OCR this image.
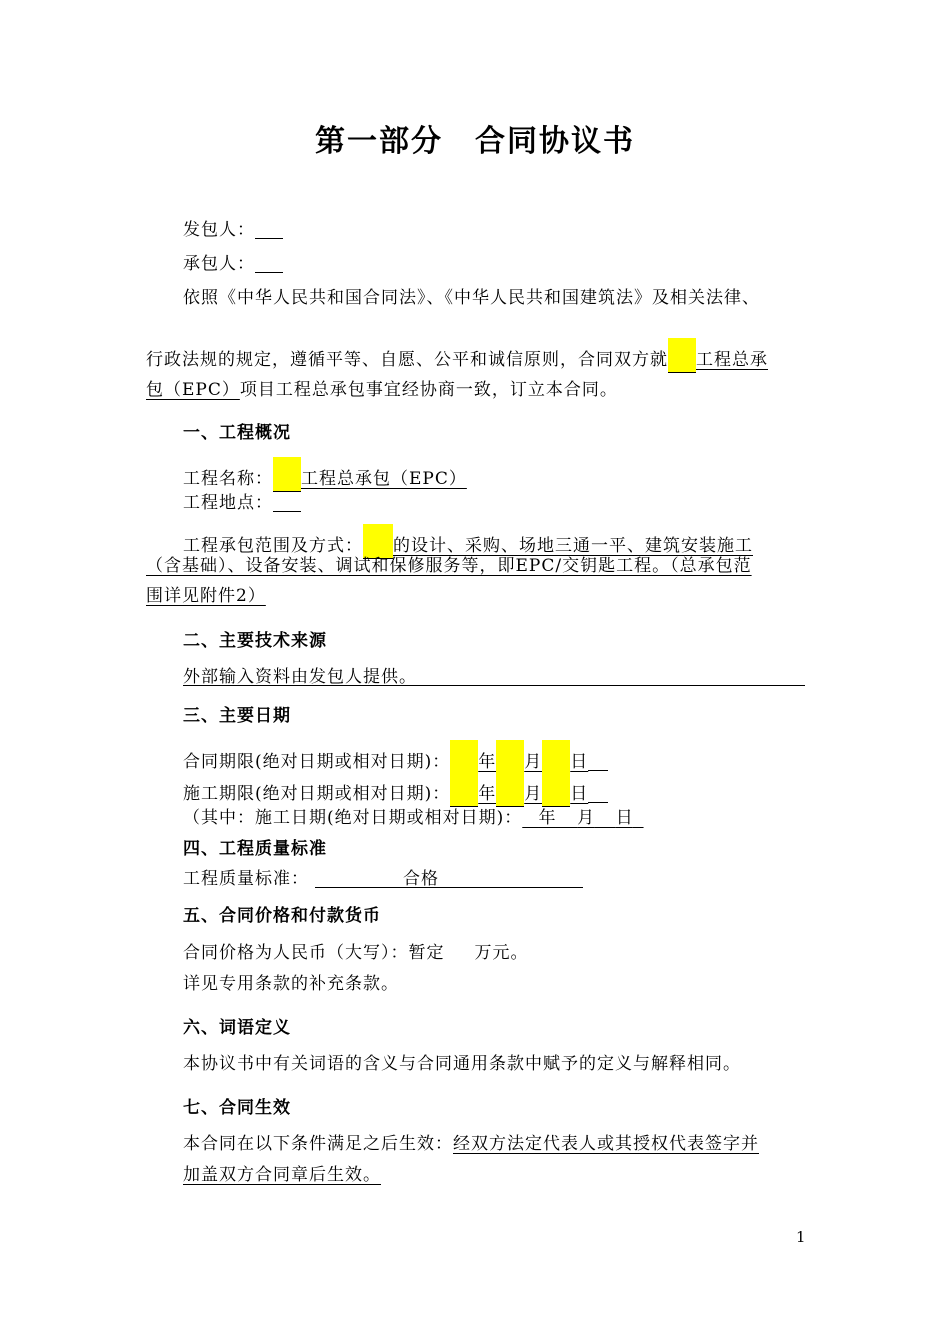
第一部分　合同协议书
发包人：
承包人：
依照《中华人民共和国合同法》、《中华人民共和国建筑法》及相关法律、
行政法规的规定，遵循平等、自愿、公平和诚信原则，合同双方就 工程总承
包（EPC）项目工程总承包事宜经协商一致，订立本合同。
一、工程概况
工程名称： 工程总承包（EPC）
工程地点：
工程承包范围及方式： 的设计、采购、场地三通一平、建筑安装施工
（含基础）、设备安装、调试和保修服务等，即EPC/交钥匙工程。（总承包范
围详见附件2）
二、主要技术来源
外部输入资料由发包人提供。
三、主要日期
合同期限(绝对日期或相对日期)： 年 月 日
施工期限(绝对日期或相对日期)： 年 月 日
（其中：施工日期(绝对日期或相对日期)： 年 月 日
四、工程质量标准
工程质量标准：	合格
五、合同价格和付款货币
合同价格为人民币（大写）：暂定 万元。
详见专用条款的补充条款。
六、词语定义
本协议书中有关词语的含义与合同通用条款中赋予的定义与解释相同。
七、合同生效
本合同在以下条件满足之后生效：经双方法定代表人或其授权代表签字并
加盖双方合同章后生效。
1
